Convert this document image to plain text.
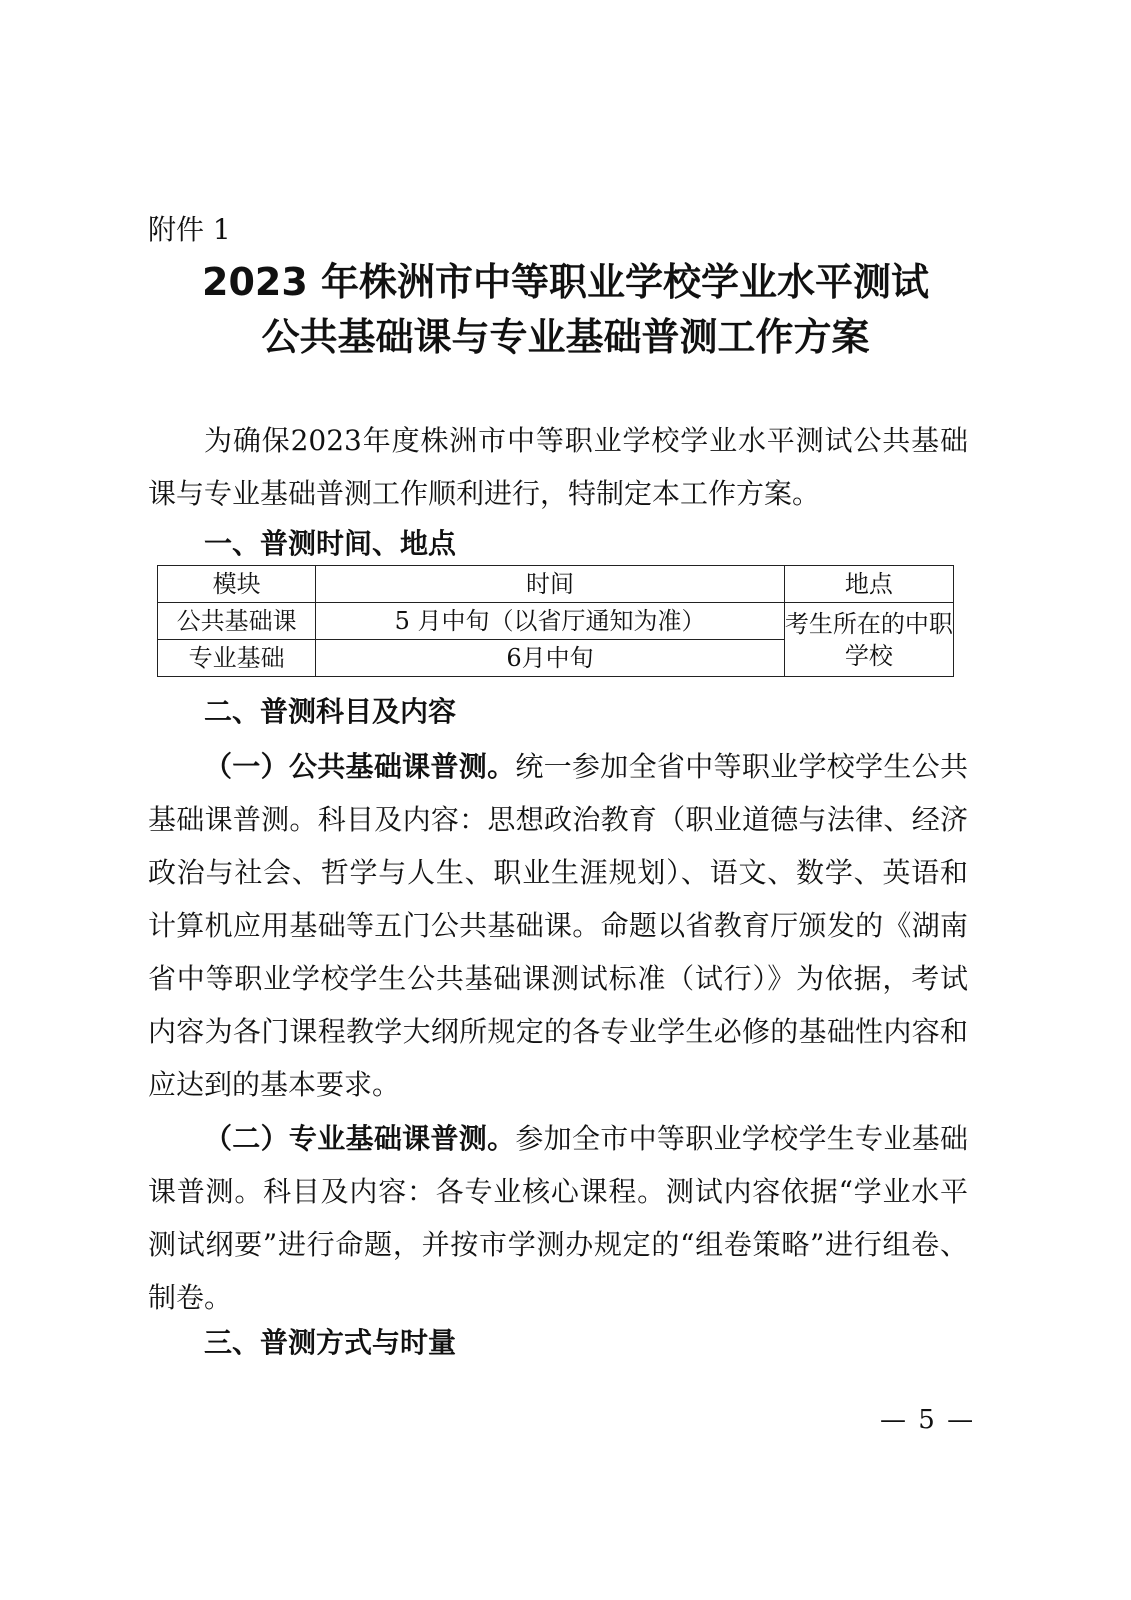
附件 1
2023 年株洲市中等职业学校学业水平测试
公共基础课与专业基础普测工作方案

为确保2023年度株洲市中等职业学校学业水平测试公共基础课与专业基础普测工作顺利进行，特制定本工作方案。

一、普测时间、地点
模块	时间	地点
公共基础课	5 月中旬（以省厅通知为准）	考生所在的中职学校
专业基础	6月中旬	
二、普测科目及内容

（一）公共基础课普测。统一参加全省中等职业学校学生公共基础课普测。科目及内容：思想政治教育（职业道德与法律、经济政治与社会、哲学与人生、职业生涯规划）、语文、数学、英语和计算机应用基础等五门公共基础课。命题以省教育厅颁发的《湖南省中等职业学校学生公共基础课测试标准（试行）》为依据，考试内容为各门课程教学大纲所规定的各专业学生必修的基础性内容和应达到的基本要求。

（二）专业基础课普测。参加全市中等职业学校学生专业基础课普测。科目及内容：各专业核心课程。测试内容依据“学业水平测试纲要”进行命题，并按市学测办规定的“组卷策略”进行组卷、制卷。

三、普测方式与时量
— 5 —
